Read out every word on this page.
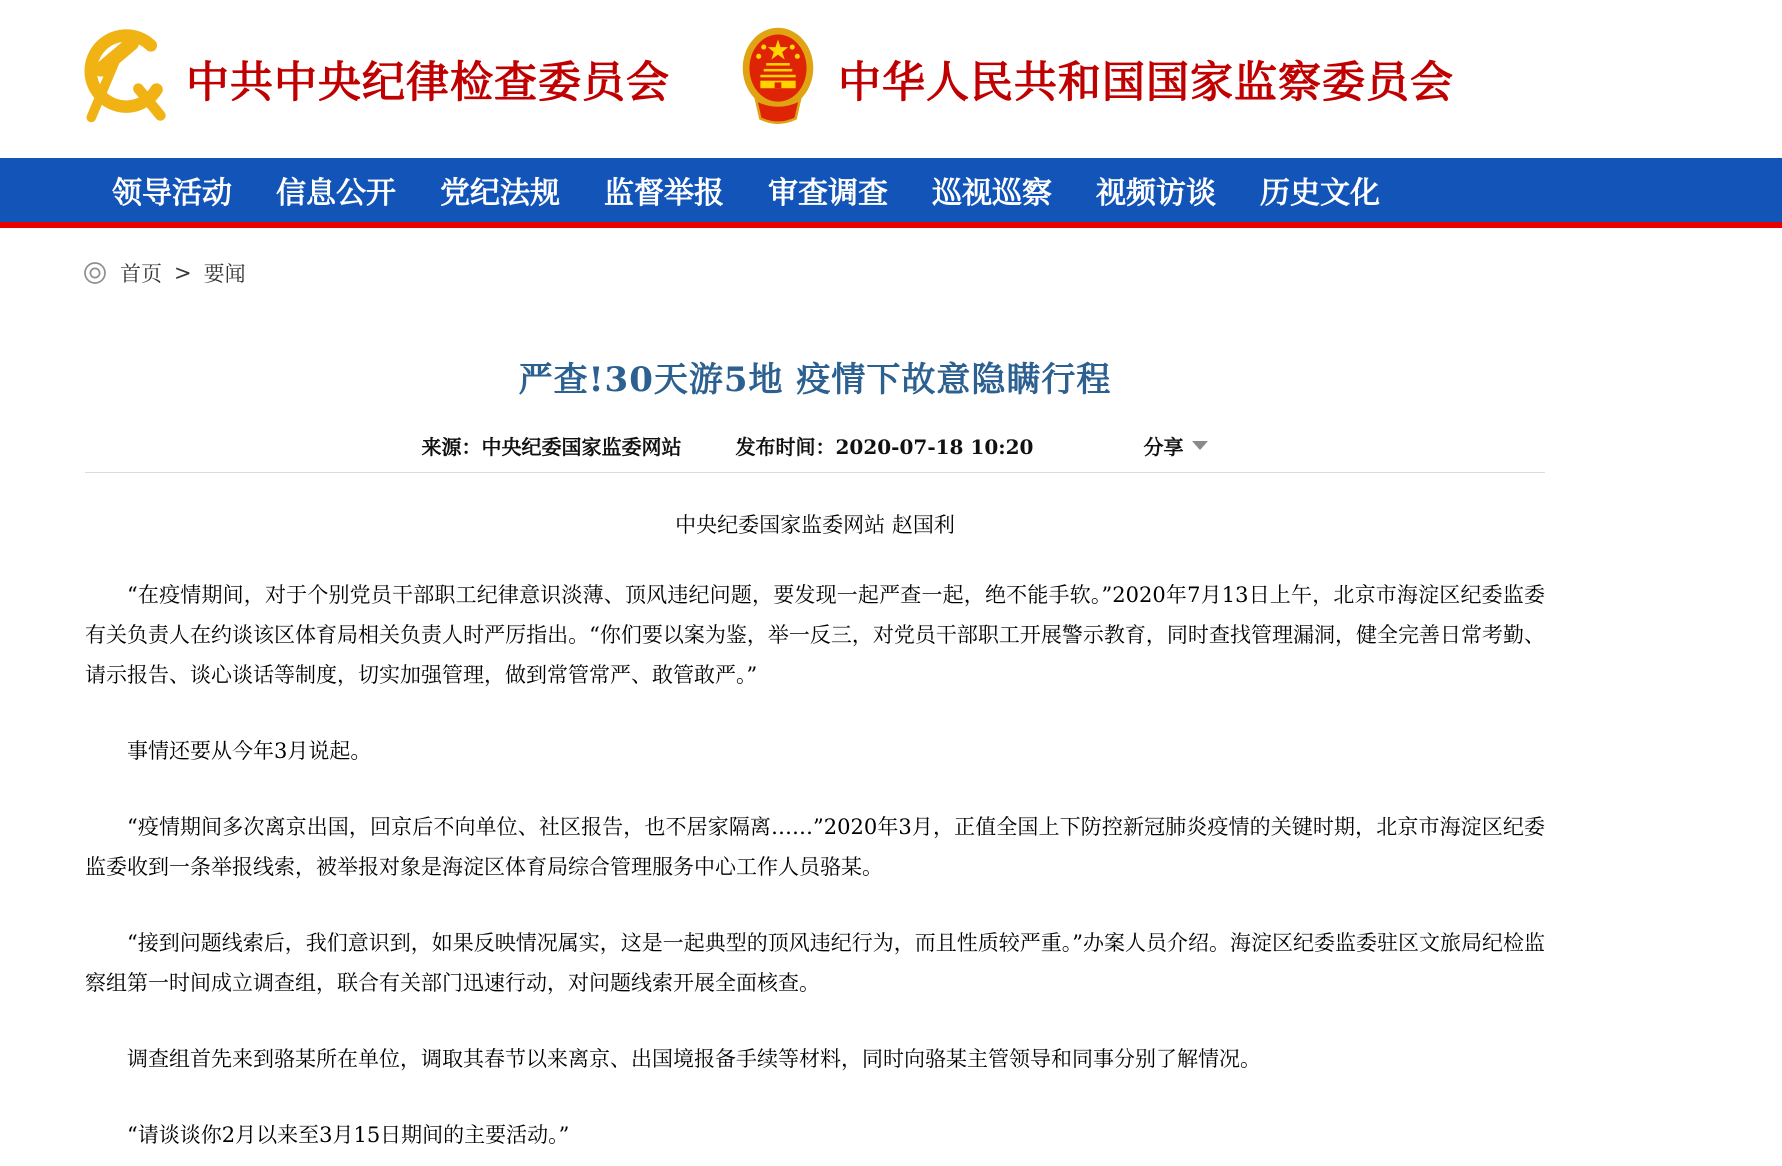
中共中央纪律检查委员会	中华人民共和国国家监察委员会
领导活动 信息公开 党纪法规 监督举报 审查调查 巡视巡察 视频访谈 历史文化
首页 > 要闻
严查!30天游5地 疫情下故意隐瞒行程
来源：中央纪委国家监委网站	发布时间：2020-07-18 10:20	分享

中央纪委国家监委网站 赵国利

“在疫情期间，对于个别党员干部职工纪律意识淡薄、顶风违纪问题，要发现一起严查一起，绝不能手软。”2020年7月13日上午，北京市海淀区纪委监委有关负责人在约谈该区体育局相关负责人时严厉指出。“你们要以案为鉴，举一反三，对党员干部职工开展警示教育，同时查找管理漏洞，健全完善日常考勤、请示报告、谈心谈话等制度，切实加强管理，做到常管常严、敢管敢严。”

事情还要从今年3月说起。

“疫情期间多次离京出国，回京后不向单位、社区报告，也不居家隔离……”2020年3月，正值全国上下防控新冠肺炎疫情的关键时期，北京市海淀区纪委监委收到一条举报线索，被举报对象是海淀区体育局综合管理服务中心工作人员骆某。

“接到问题线索后，我们意识到，如果反映情况属实，这是一起典型的顶风违纪行为，而且性质较严重。”办案人员介绍。海淀区纪委监委驻区文旅局纪检监察组第一时间成立调查组，联合有关部门迅速行动，对问题线索开展全面核查。

调查组首先来到骆某所在单位，调取其春节以来离京、出国境报备手续等材料，同时向骆某主管领导和同事分别了解情况。

“请谈谈你2月以来至3月15日期间的主要活动。”
